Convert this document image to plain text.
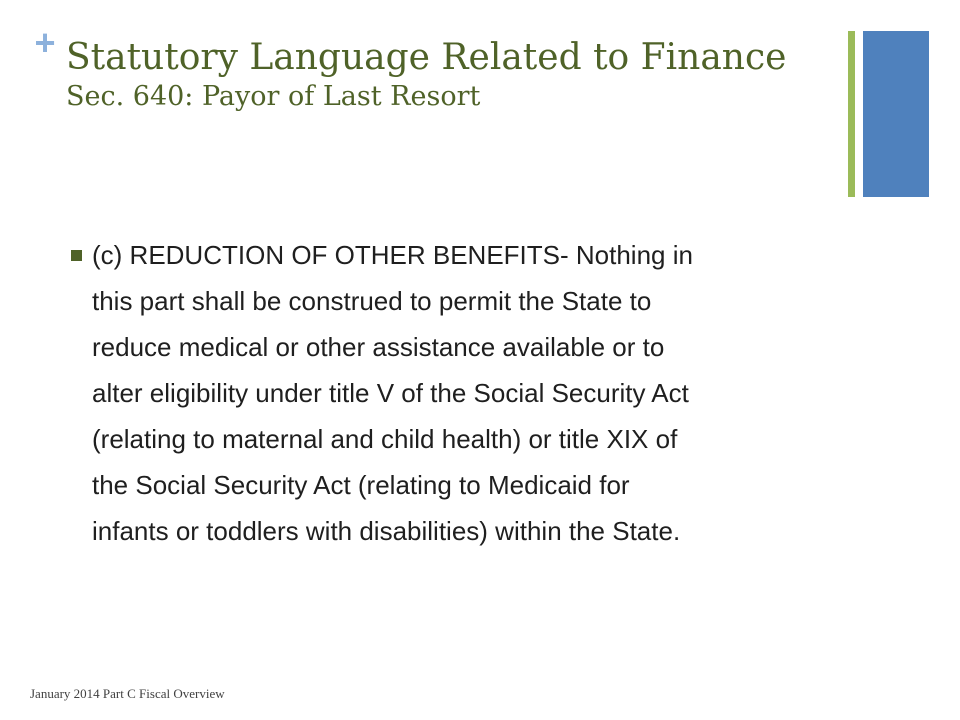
+ Statutory Language Related to Finance
Sec. 640: Payor of Last Resort
(c) REDUCTION OF OTHER BENEFITS- Nothing in
this part shall be construed to permit the State to
reduce medical or other assistance available or to
alter eligibility under title V of the Social Security Act
(relating to maternal and child health) or title XIX of
the Social Security Act (relating to Medicaid for
infants or toddlers with disabilities) within the State.
January 2014 Part C Fiscal Overview
